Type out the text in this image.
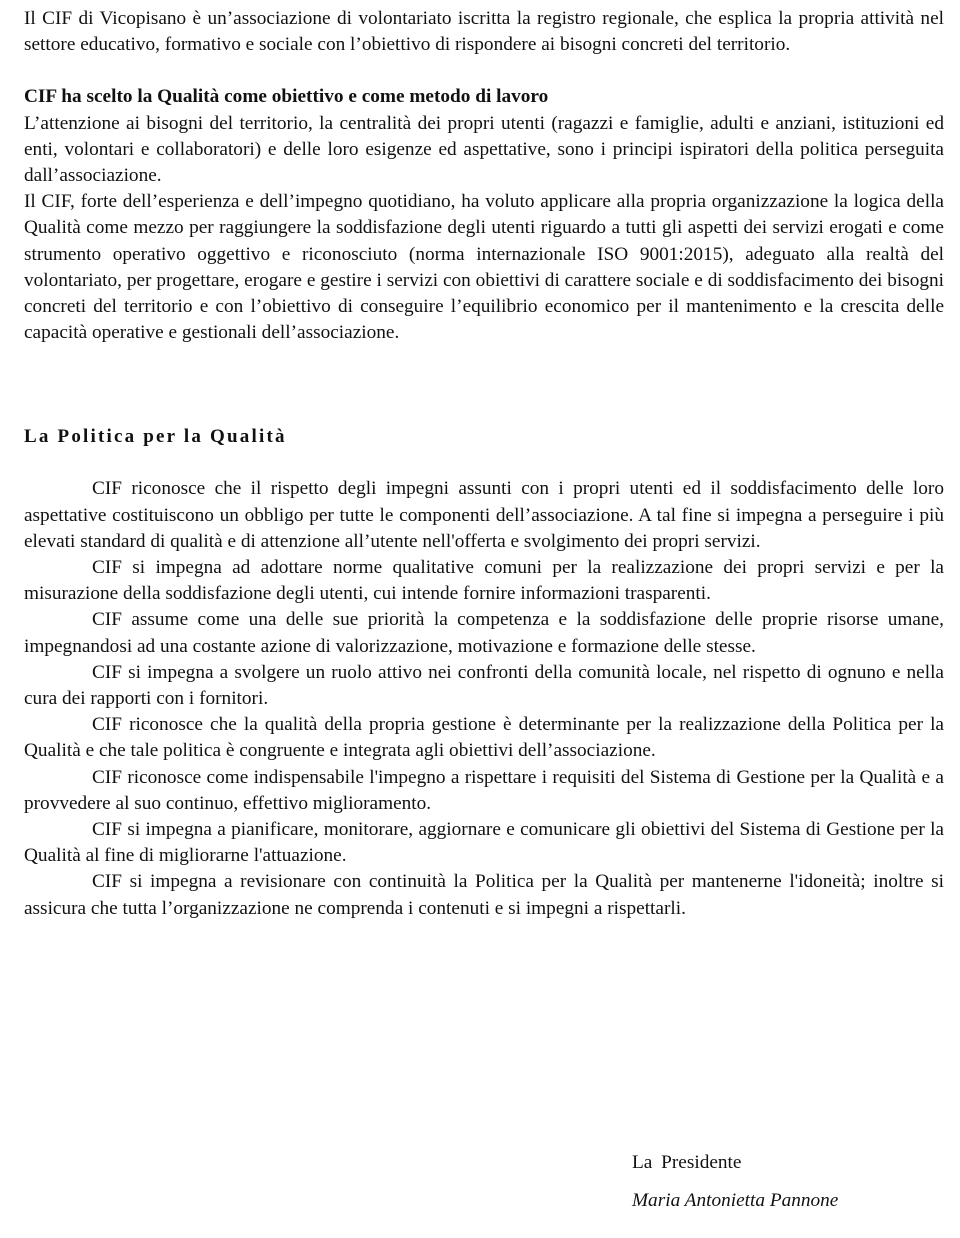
Il CIF di Vicopisano è un’associazione di volontariato iscritta la registro regionale, che esplica la propria attività nel settore educativo, formativo e sociale con l’obiettivo di rispondere ai bisogni concreti del territorio.

CIF ha scelto la Qualità come obiettivo e come metodo di lavoro

L’attenzione ai bisogni del territorio, la centralità dei propri utenti (ragazzi e famiglie, adulti e anziani, istituzioni ed enti, volontari e collaboratori) e delle loro esigenze ed aspettative, sono i principi ispiratori della politica perseguita dall’associazione.

Il CIF, forte dell’esperienza e dell’impegno quotidiano, ha voluto applicare alla propria organizzazione la logica della Qualità come mezzo per raggiungere la soddisfazione degli utenti riguardo a tutti gli aspetti dei servizi erogati e come strumento operativo oggettivo e riconosciuto (norma internazionale ISO 9001:2015), adeguato alla realtà del volontariato, per progettare, erogare e gestire i servizi con obiettivi di carattere sociale e di soddisfacimento dei bisogni concreti del territorio e con l’obiettivo di conseguire l’equilibrio economico per il mantenimento e la crescita delle capacità operative e gestionali dell’associazione.

La Politica per la Qualità

CIF riconosce che il rispetto degli impegni assunti con i propri utenti ed il soddisfacimento delle loro aspettative costituiscono un obbligo per tutte le componenti dell’associazione. A tal fine si impegna a perseguire i più elevati standard di qualità e di attenzione all’utente nell'offerta e svolgimento dei propri servizi.

CIF si impegna ad adottare norme qualitative comuni per la realizzazione dei propri servizi e per la misurazione della soddisfazione degli utenti, cui intende fornire informazioni trasparenti.

CIF assume come una delle sue priorità la competenza e la soddisfazione delle proprie risorse umane, impegnandosi ad una costante azione di valorizzazione, motivazione e formazione delle stesse.

CIF si impegna a svolgere un ruolo attivo nei confronti della comunità locale, nel rispetto di ognuno e nella cura dei rapporti con i fornitori.

CIF riconosce che la qualità della propria gestione è determinante per la realizzazione della Politica per la Qualità e che tale politica è congruente e integrata agli obiettivi dell’associazione.

CIF riconosce come indispensabile l'impegno a rispettare i requisiti del Sistema di Gestione per la Qualità e a provvedere al suo continuo, effettivo miglioramento.

CIF si impegna a pianificare, monitorare, aggiornare e comunicare gli obiettivi del Sistema di Gestione per la Qualità al fine di migliorarne l'attuazione.

CIF si impegna a revisionare con continuità la Politica per la Qualità per mantenerne l'idoneità; inoltre si assicura che tutta l’organizzazione ne comprenda i contenuti e si impegni a rispettarli.

La Presidente

Maria Antonietta Pannone
